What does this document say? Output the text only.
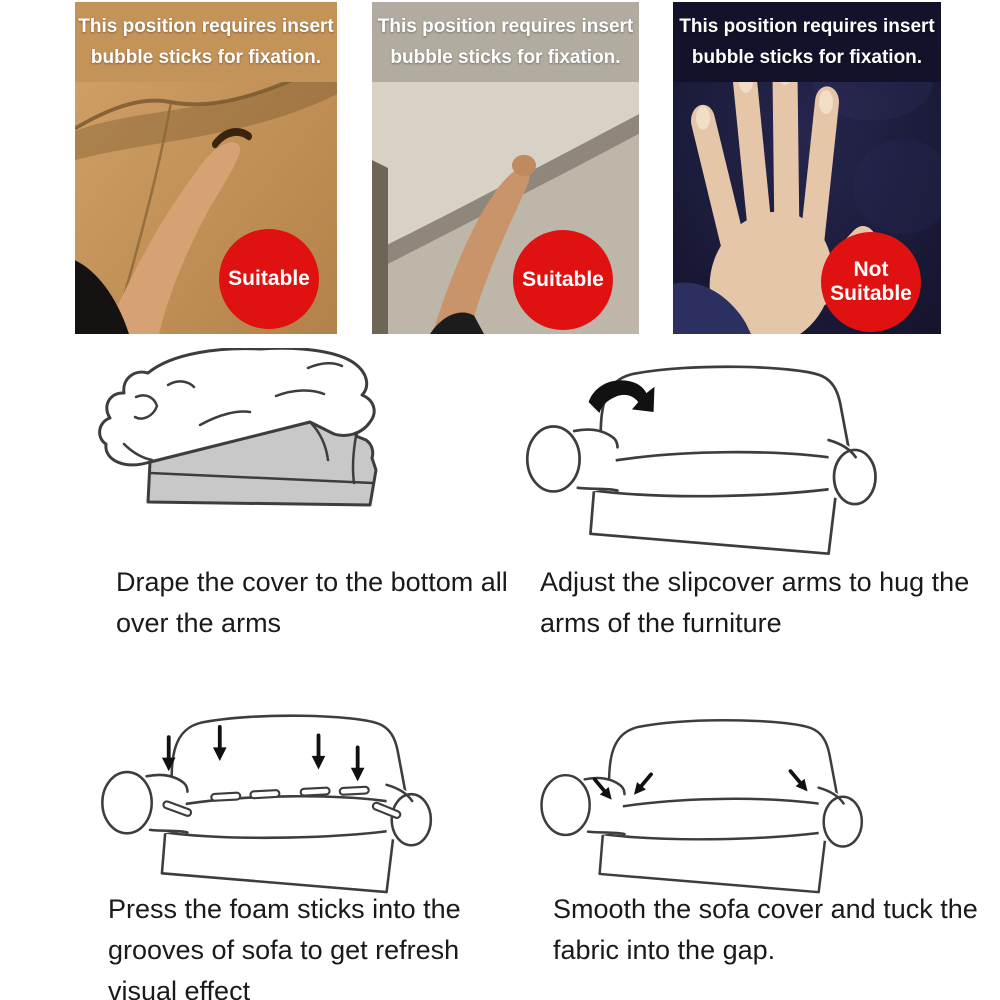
This position requires insert
bubble sticks for fixation.
Suitable
This position requires insert
bubble sticks for fixation.
Suitable
This position requires insert
bubble sticks for fixation.
Not Suitable
Drape the cover to the bottom all
over the arms
Adjust the slipcover arms to hug the
arms of the furniture
Press the foam sticks into the
grooves of sofa to get refresh
visual effect
Smooth the sofa cover and tuck the
fabric into the gap.
